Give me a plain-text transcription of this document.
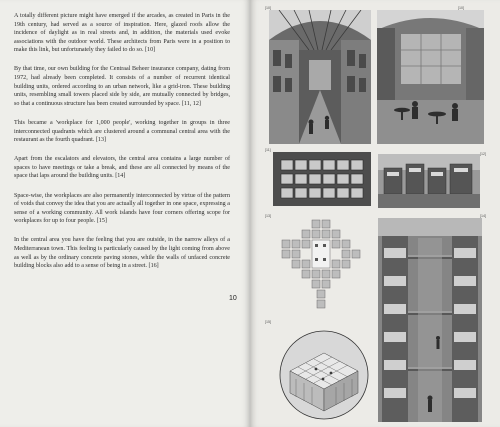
A totally different picture might have emerged if the arcades, as created in Paris in the 19th century, had served as a source of inspiration. Here, glazed roofs allow the incidence of daylight as in real streets and, in addition, the materials used evoke associations with the outdoor world. These architects from Paris were in a position to make this link, but unfortunately they failed to do so. [10]

By that time, our own building for the Centraal Beheer insurance company, dating from 1972, had already been completed. It consists of a number of recurrent identical building units, ordered according to an urban network, like a grid-iron. These building units, resembling small towers placed side by side, are mutually connected by bridges, so that a continuous structure has been created surrounded by space. [11, 12]

This became a 'workplace for 1,000 people', working together in groups in three interconnected quadrants which are clustered around a communal central area with the restaurant as the fourth quadrant. [13]

Apart from the escalators and elevators, the central area contains a large number of spaces to have meetings or take a break, and these are all connected by means of the space that laps around the building units. [14]

Space-wise, the workplaces are also permanently interconnected by virtue of the pattern of voids that convey the idea that you are actually all together in one space, expressing a sense of a working community. All work islands have four corners offering scope for workplaces for up to four people. [15]

In the central area you have the feeling that you are outside, in the narrow alleys of a Mediterranean town. This feeling is particularly caused by the light coming from above as well as by the ordinary concrete paving stones, while the walls of unfaced concrete building blocks also add to a sense of being in a street. [16]

10
[10]	[10]
[11]
[12]
[13]
[15]
[14]
